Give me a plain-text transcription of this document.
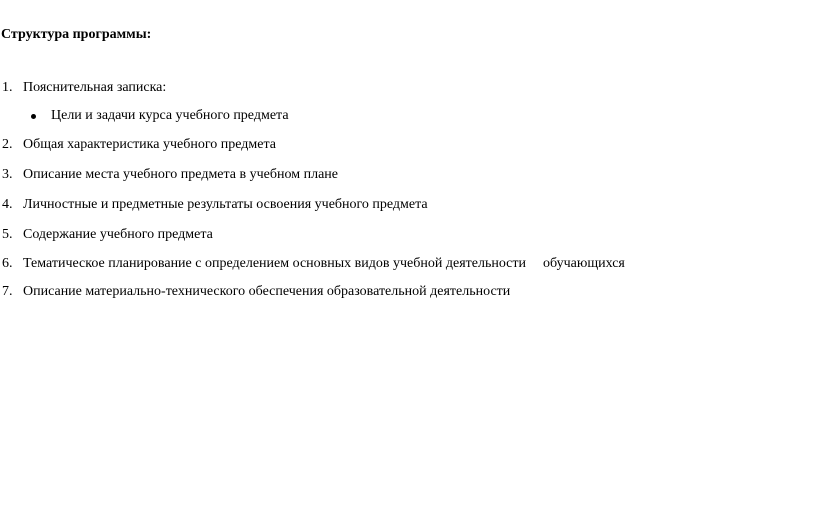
Структура программы:
1. Пояснительная записка:
Цели и задачи курса учебного предмета
2. Общая характеристика учебного предмета
3. Описание места учебного предмета в учебном плане
4. Личностные и предметные результаты освоения учебного предмета
5. Содержание учебного предмета
6. Тематическое планирование с определением основных видов учебной деятельности обучающихся
7. Описание материально-технического обеспечения образовательной деятельности
